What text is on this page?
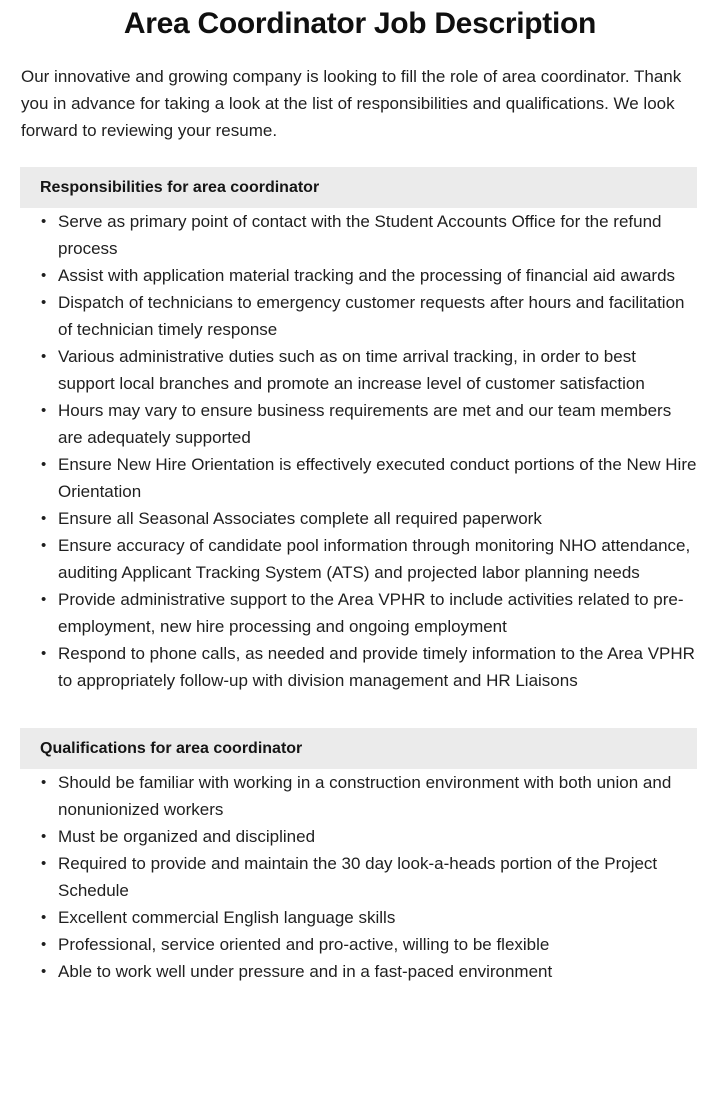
Area Coordinator Job Description

Our innovative and growing company is looking to fill the role of area coordinator. Thank you in advance for taking a look at the list of responsibilities and qualifications. We look forward to reviewing your resume.

Responsibilities for area coordinator
• Serve as primary point of contact with the Student Accounts Office for the refund process
• Assist with application material tracking and the processing of financial aid awards
• Dispatch of technicians to emergency customer requests after hours and facilitation of technician timely response
• Various administrative duties such as on time arrival tracking, in order to best support local branches and promote an increase level of customer satisfaction
• Hours may vary to ensure business requirements are met and our team members are adequately supported
• Ensure New Hire Orientation is effectively executed conduct portions of the New Hire Orientation
• Ensure all Seasonal Associates complete all required paperwork
• Ensure accuracy of candidate pool information through monitoring NHO attendance, auditing Applicant Tracking System (ATS) and projected labor planning needs
• Provide administrative support to the Area VPHR to include activities related to pre-employment, new hire processing and ongoing employment
• Respond to phone calls, as needed and provide timely information to the Area VPHR to appropriately follow-up with division management and HR Liaisons
Qualifications for area coordinator
• Should be familiar with working in a construction environment with both union and nonunionized workers
• Must be organized and disciplined
• Required to provide and maintain the 30 day look-a-heads portion of the Project Schedule
• Excellent commercial English language skills
• Professional, service oriented and pro-active, willing to be flexible
• Able to work well under pressure and in a fast-paced environment
